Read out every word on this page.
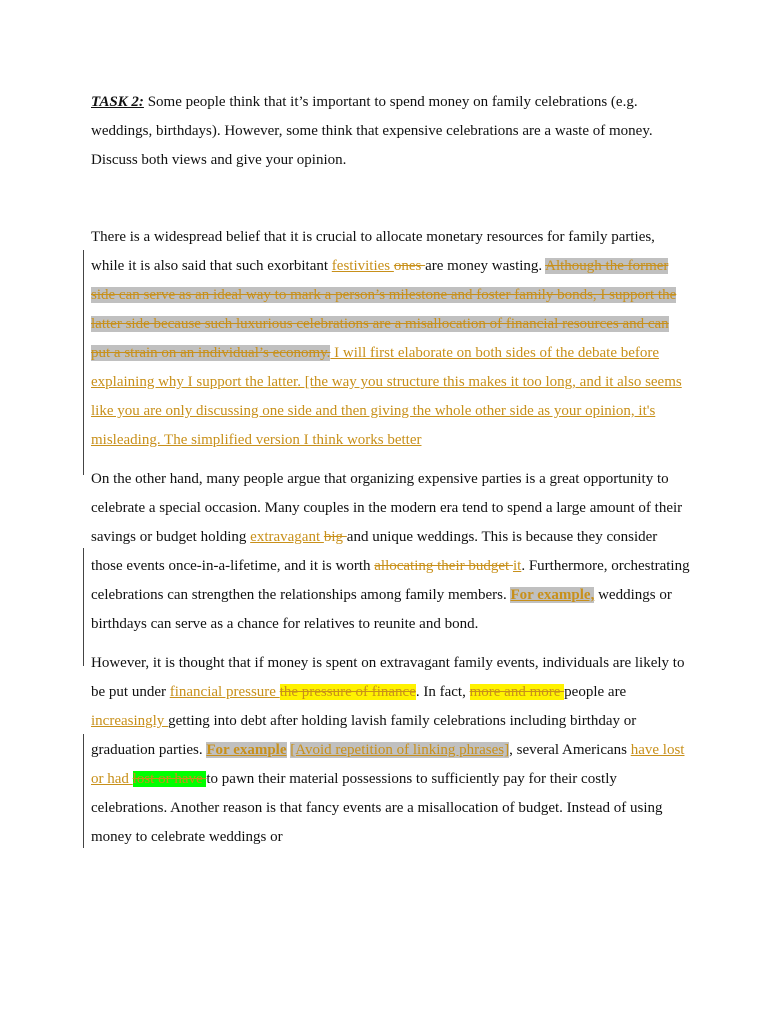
TASK 2: Some people think that it’s important to spend money on family celebrations (e.g. weddings, birthdays). However, some think that expensive celebrations are a waste of money. Discuss both views and give your opinion.

There is a widespread belief that it is crucial to allocate monetary resources for family parties, while it is also said that such exorbitant festivities ones are money wasting. Although the former side can serve as an ideal way to mark a person’s milestone and foster family bonds, I support the latter side because such luxurious celebrations are a misallocation of financial resources and can put a strain on an individual’s economy. I will first elaborate on both sides of the debate before explaining why I support the latter. [the way you structure this makes it too long, and it also seems like you are only discussing one side and then giving the whole other side as your opinion, it's misleading. The simplified version I think works better

On the other hand, many people argue that organizing expensive parties is a great opportunity to celebrate a special occasion. Many couples in the modern era tend to spend a large amount of their savings or budget holding extravagant big and unique weddings. This is because they consider those events once-in-a-lifetime, and it is worth allocating their budget it. Furthermore, orchestrating celebrations can strengthen the relationships among family members. For example, weddings or birthdays can serve as a chance for relatives to reunite and bond.

However, it is thought that if money is spent on extravagant family events, individuals are likely to be put under financial pressure the pressure of finance. In fact, more and more people are increasingly getting into debt after holding lavish family celebrations including birthday or graduation parties. For example [Avoid repetition of linking phrases], several Americans have lost or had lost or have to pawn their material possessions to sufficiently pay for their costly celebrations. Another reason is that fancy events are a misallocation of budget. Instead of using money to celebrate weddings or
